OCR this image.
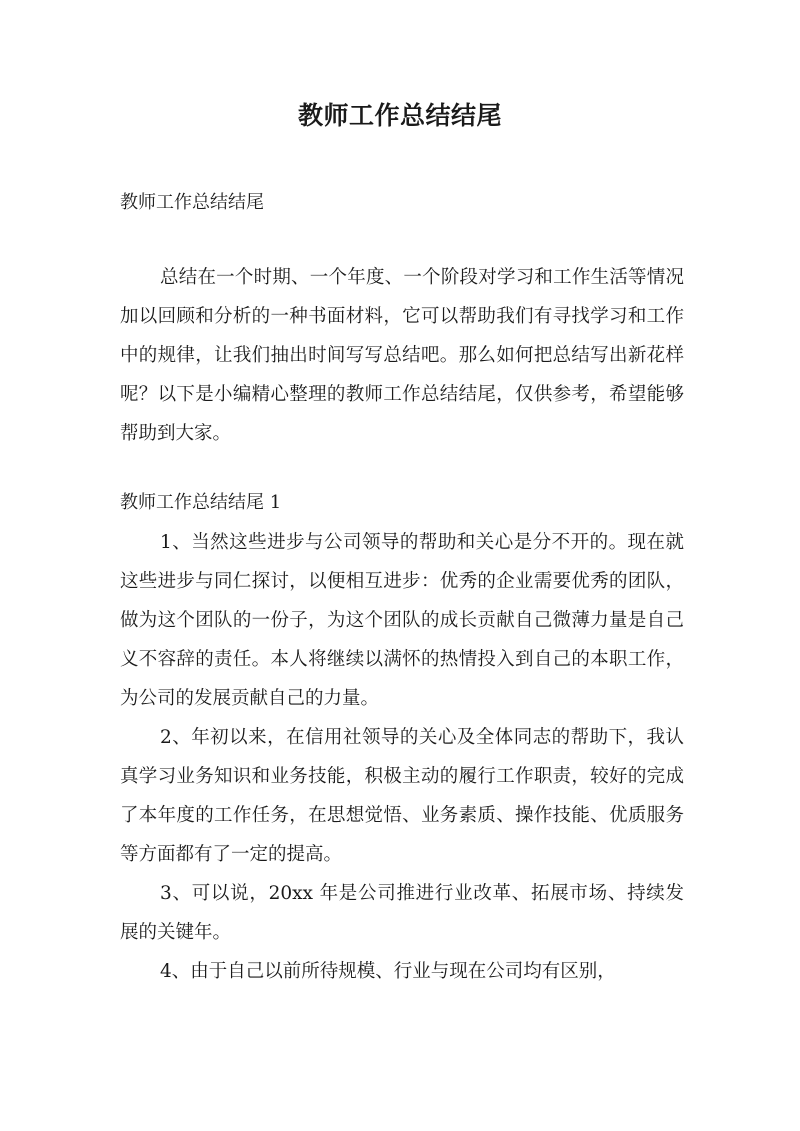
教师工作总结结尾

教师工作总结结尾

总结在一个时期、一个年度、一个阶段对学习和工作生活等情况加以回顾和分析的一种书面材料，它可以帮助我们有寻找学习和工作中的规律，让我们抽出时间写写总结吧。那么如何把总结写出新花样呢？以下是小编精心整理的教师工作总结结尾，仅供参考，希望能够帮助到大家。

教师工作总结结尾 1

1、当然这些进步与公司领导的帮助和关心是分不开的。现在就这些进步与同仁探讨，以便相互进步：优秀的企业需要优秀的团队，做为这个团队的一份子，为这个团队的成长贡献自己微薄力量是自己义不容辞的责任。本人将继续以满怀的热情投入到自己的本职工作，为公司的发展贡献自己的力量。

2、年初以来，在信用社领导的关心及全体同志的帮助下，我认真学习业务知识和业务技能，积极主动的履行工作职责，较好的完成了本年度的工作任务，在思想觉悟、业务素质、操作技能、优质服务等方面都有了一定的提高。

3、可以说，20xx 年是公司推进行业改革、拓展市场、持续发展的关键年。

4、由于自己以前所待规模、行业与现在公司均有区别，
